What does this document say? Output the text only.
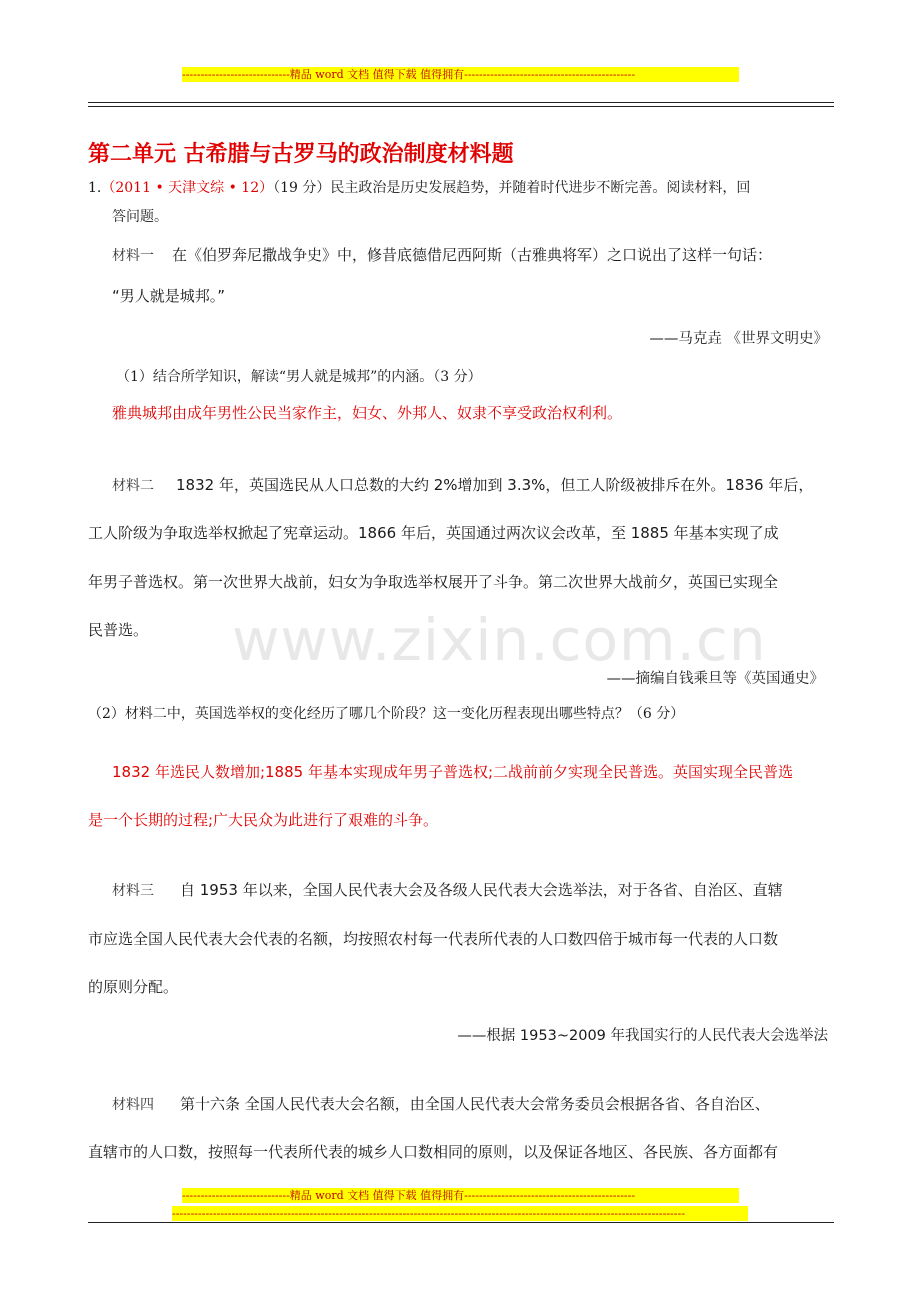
-----------------------------精品 word 文档 值得下载 值得拥有----------------------------------------------
第二单元 古希腊与古罗马的政治制度材料题
1.（2011 • 天津文综 • 12）（19 分）民主政治是历史发展趋势，并随着时代进步不断完善。阅读材料，回
答问题。
材料一 在《伯罗奔尼撒战争史》中，修昔底德借尼西阿斯（古雅典将军）之口说出了这样一句话：
“男人就是城邦。”
——马克垚 《世界文明史》
（1）结合所学知识，解读“男人就是城邦”的内涵。（3 分）
雅典城邦由成年男性公民当家作主，妇女、外邦人、奴隶不享受政治权利利。
材料二 1832 年，英国选民从人口总数的大约 2%增加到 3.3%，但工人阶级被排斥在外。1836 年后，
工人阶级为争取选举权掀起了宪章运动。1866 年后，英国通过两次议会改革，至 1885 年基本实现了成
年男子普选权。第一次世界大战前，妇女为争取选举权展开了斗争。第二次世界大战前夕，英国已实现全
民普选。
——摘编自钱乘旦等《英国通史》
（2）材料二中，英国选举权的变化经历了哪几个阶段？这一变化历程表现出哪些特点？（6 分）
1832 年选民人数增加;1885 年基本实现成年男子普选权;二战前前夕实现全民普选。英国实现全民普选
是一个长期的过程;广大民众为此进行了艰难的斗争。
材料三 自 1953 年以来，全国人民代表大会及各级人民代表大会选举法，对于各省、自治区、直辖
市应选全国人民代表大会代表的名额，均按照农村每一代表所代表的人口数四倍于城市每一代表的人口数
的原则分配。
——根据 1953~2009 年我国实行的人民代表大会选举法
材料四 第十六条 全国人民代表大会名额，由全国人民代表大会常务委员会根据各省、各自治区、
直辖市的人口数，按照每一代表所代表的城乡人口数相同的原则，以及保证各地区、各民族、各方面都有
www.zixin.com.cn
-----------------------------精品 word 文档 值得下载 值得拥有----------------------------------------------
------------------------------------------------------------------------------------------------------------------------------------------
